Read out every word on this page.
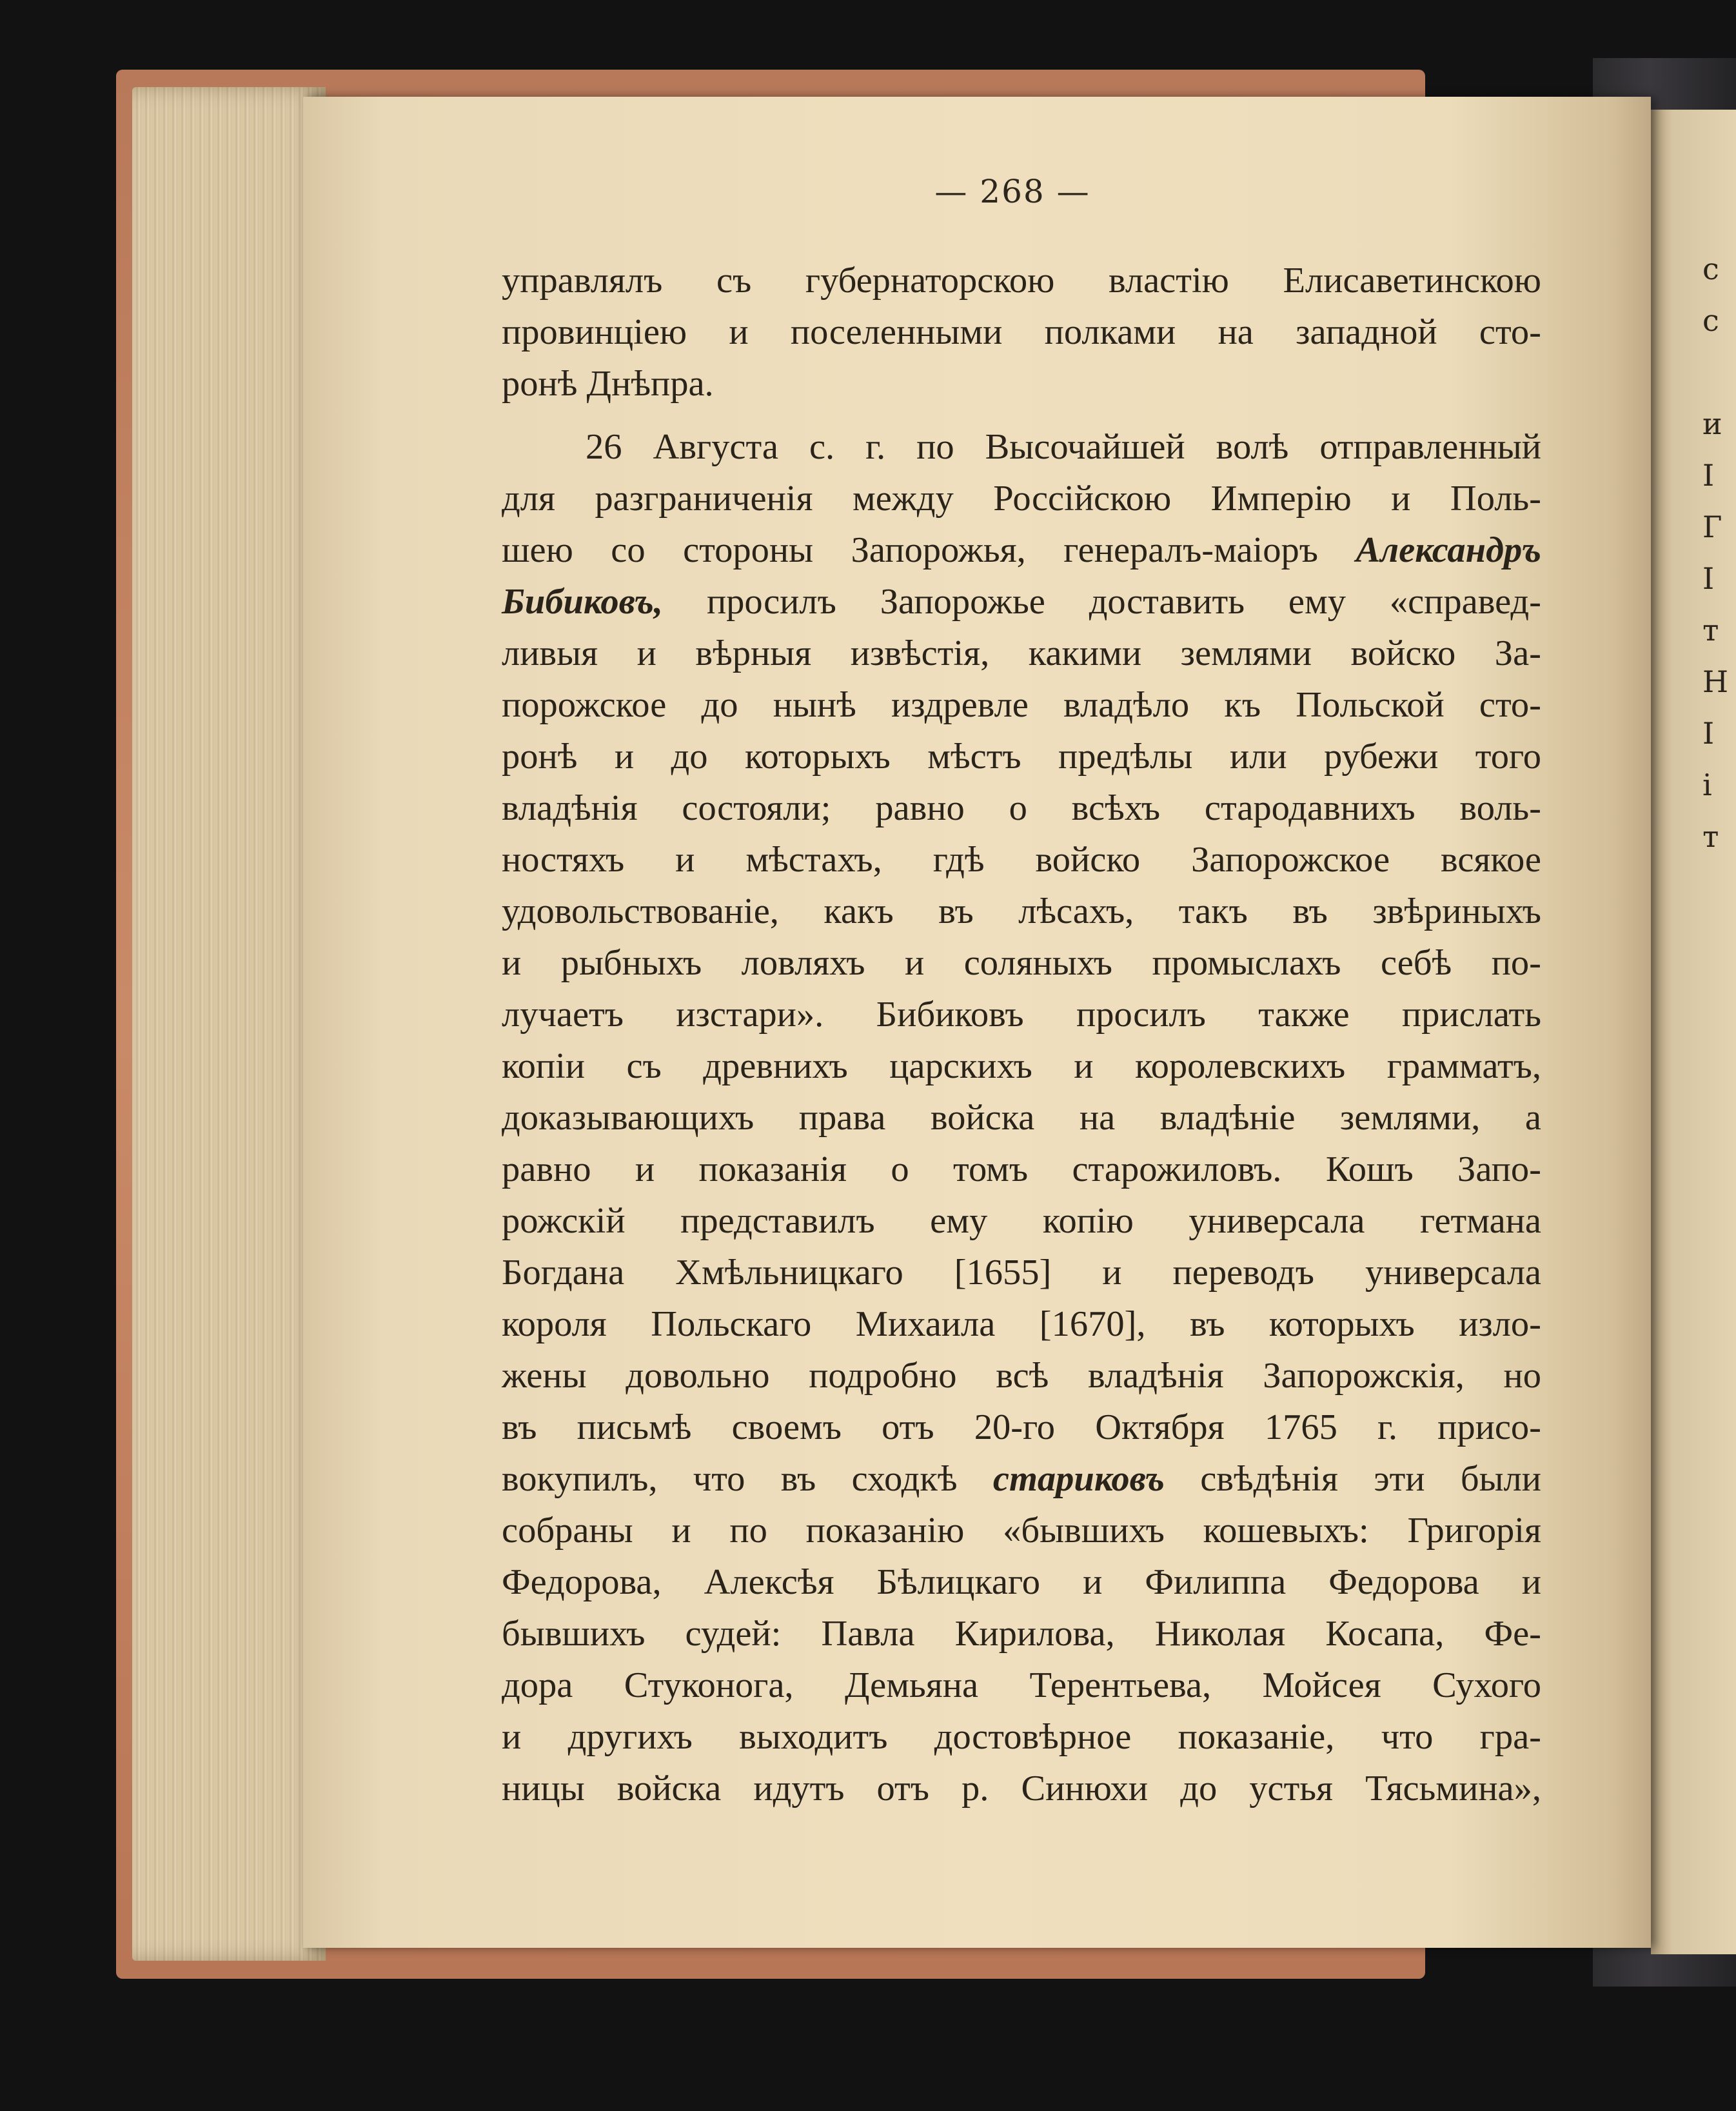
с
с
и
І
Г
І
т
Н
І
і
т
— 268 —
управлялъ съ губернаторскою властію Елисаветинскою
провинціею и поселенными полками на западной сто-
ронѣ Днѣпра.
26 Августа с. г. по Высочайшей волѣ отправленный
для разграниченія между Россійскою Имперію и Поль-
шею со стороны Запорожья, генералъ-маіоръ Александръ
Бибиковъ, просилъ Запорожье доставить ему «справед-
ливыя и вѣрныя извѣстія, какими землями войско За-
порожское до нынѣ издревле владѣло къ Польской сто-
ронѣ и до которыхъ мѣстъ предѣлы или рубежи того
владѣнія состояли; равно о всѣхъ стародавнихъ воль-
ностяхъ и мѣстахъ, гдѣ войско Запорожское всякое
удовольствованіе, какъ въ лѣсахъ, такъ въ звѣриныхъ
и рыбныхъ ловляхъ и соляныхъ промыслахъ себѣ по-
лучаетъ изстари». Бибиковъ просилъ также прислать
копіи съ древнихъ царскихъ и королевскихъ грамматъ,
доказывающихъ права войска на владѣніе землями, а
равно и показанія о томъ старожиловъ. Кошъ Запо-
рожскій представилъ ему копію универсала гетмана
Богдана Хмѣльницкаго [1655] и переводъ универсала
короля Польскаго Михаила [1670], въ которыхъ изло-
жены довольно подробно всѣ владѣнія Запорожскія, но
въ письмѣ своемъ отъ 20-го Октября 1765 г. присо-
вокупилъ, что въ сходкѣ стариковъ свѣдѣнія эти были
собраны и по показанію «бывшихъ кошевыхъ: Григорія
Федорова, Алексѣя Бѣлицкаго и Филиппа Федорова и
бывшихъ судей: Павла Кирилова, Николая Косапа, Фе-
дора Стуконога, Демьяна Терентьева, Мойсея Сухого
и другихъ выходитъ достовѣрное показаніе, что гра-
ницы войска идутъ отъ р. Синюхи до устья Тясьмина»,
